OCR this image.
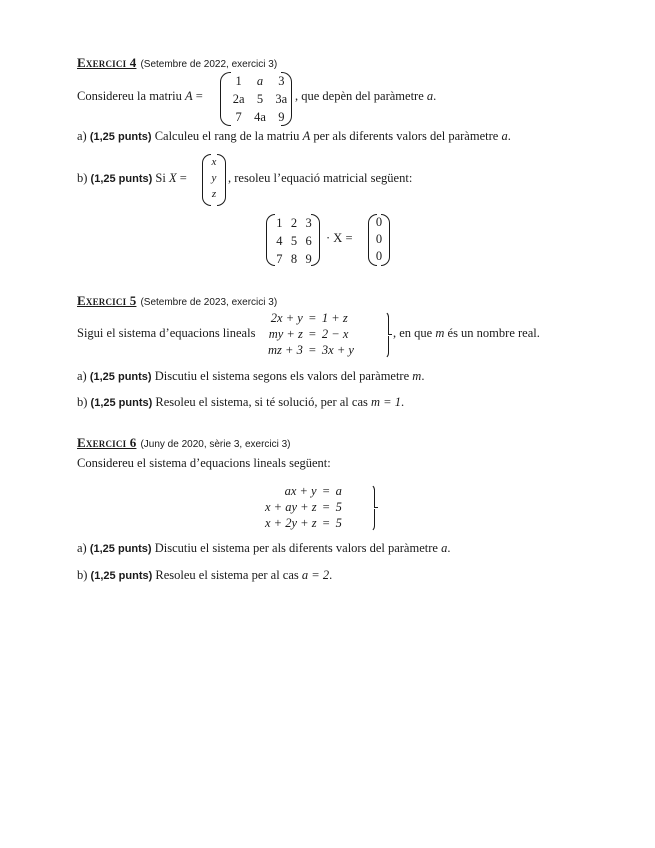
Exercici 4 (Setembre de 2022, exercici 3)
Considereu la matriu A =
1	a	3
2a	5	3a
7	4a	9
, que depèn del paràmetre a.
a) (1,25 punts) Calculeu el rang de la matriu A per als diferents valors del paràmetre a.
b) (1,25 punts) Si X =
x
y
z
, resoleu l’equació matricial següent:
1	2	3
4	5	6
7	8	9
· X =
0
0
0
Exercici 5 (Setembre de 2023, exercici 3)
Sigui el sistema d’equacions lineals
2x + y	=	1 + z
my + z	=	2 − x
mz + 3	=	3x + y
, en que m és un nombre real.
a) (1,25 punts) Discutiu el sistema segons els valors del paràmetre m.
b) (1,25 punts) Resoleu el sistema, si té solució, per al cas m = 1.
Exercici 6 (Juny de 2020, sèrie 3, exercici 3)
Considereu el sistema d’equacions lineals següent:
ax + y	=	a
x + ay + z	=	5
x + 2y + z	=	5
a) (1,25 punts) Discutiu el sistema per als diferents valors del paràmetre a.
b) (1,25 punts) Resoleu el sistema per al cas a = 2.
